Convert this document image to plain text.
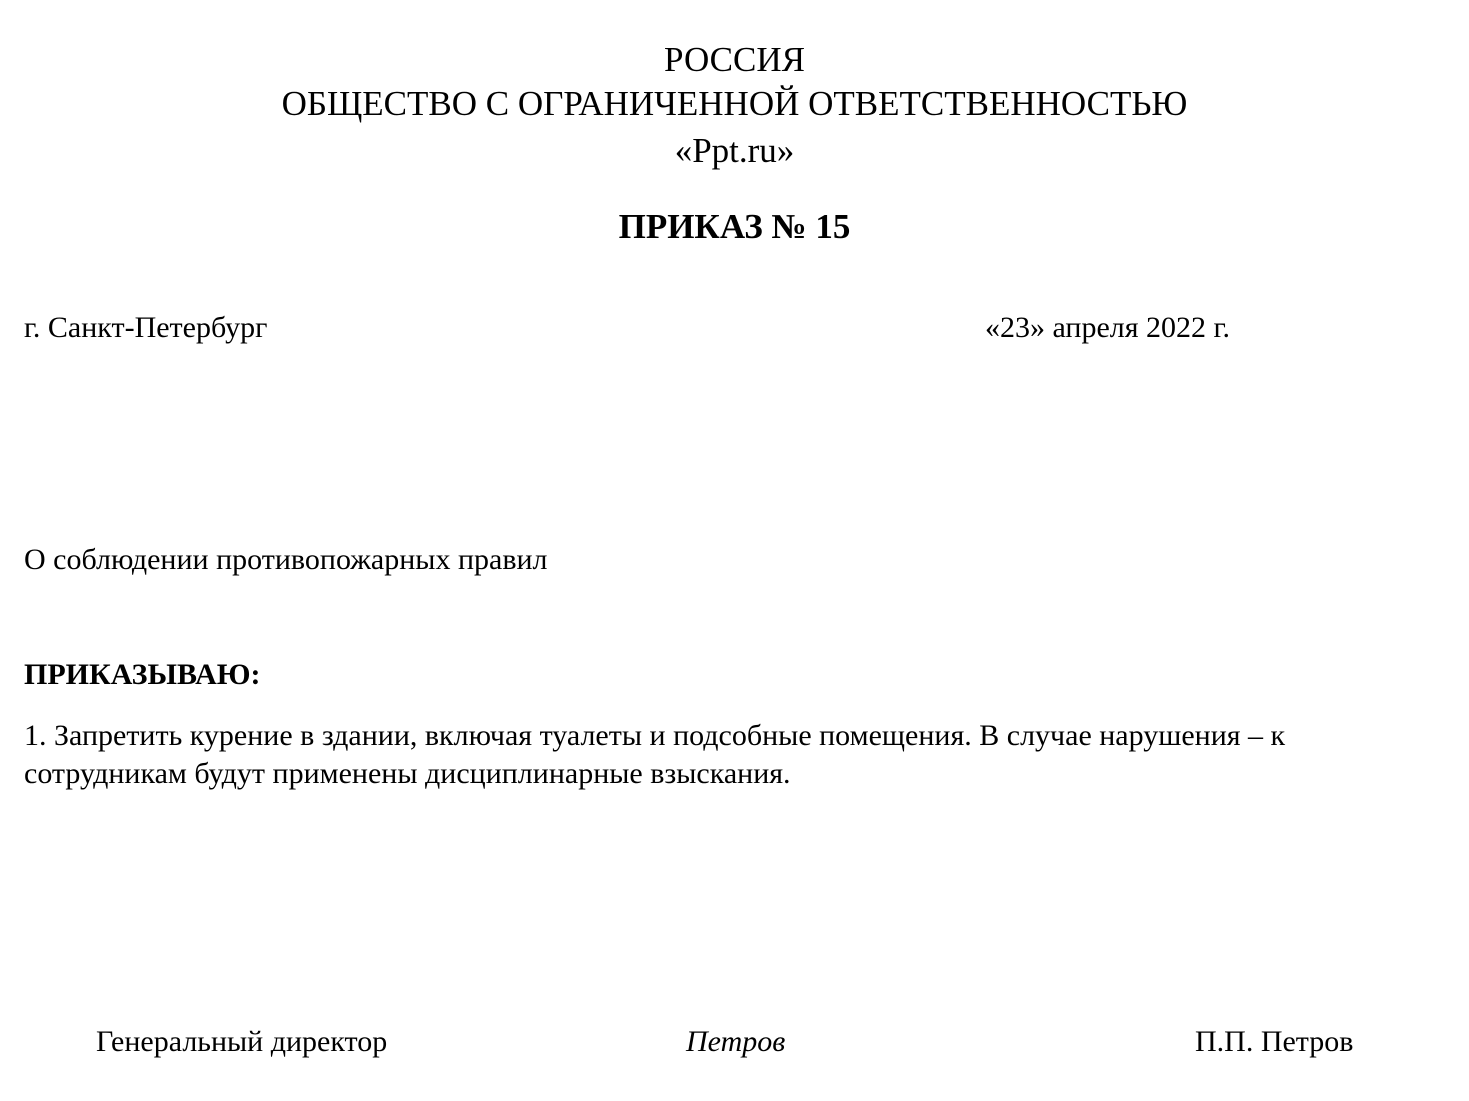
РОССИЯ
ОБЩЕСТВО С ОГРАНИЧЕННОЙ ОТВЕТСТВЕННОСТЬЮ
«Ppt.ru»
ПРИКАЗ № 15
г. Санкт-Петербург	«23» апреля 2022 г.
О соблюдении противопожарных правил
ПРИКАЗЫВАЮ:
1. Запретить курение в здании, включая туалеты и подсобные помещения. В случае нарушения – к
сотрудникам будут применены дисциплинарные взыскания.
Генеральный директор	Петров	П.П. Петров
